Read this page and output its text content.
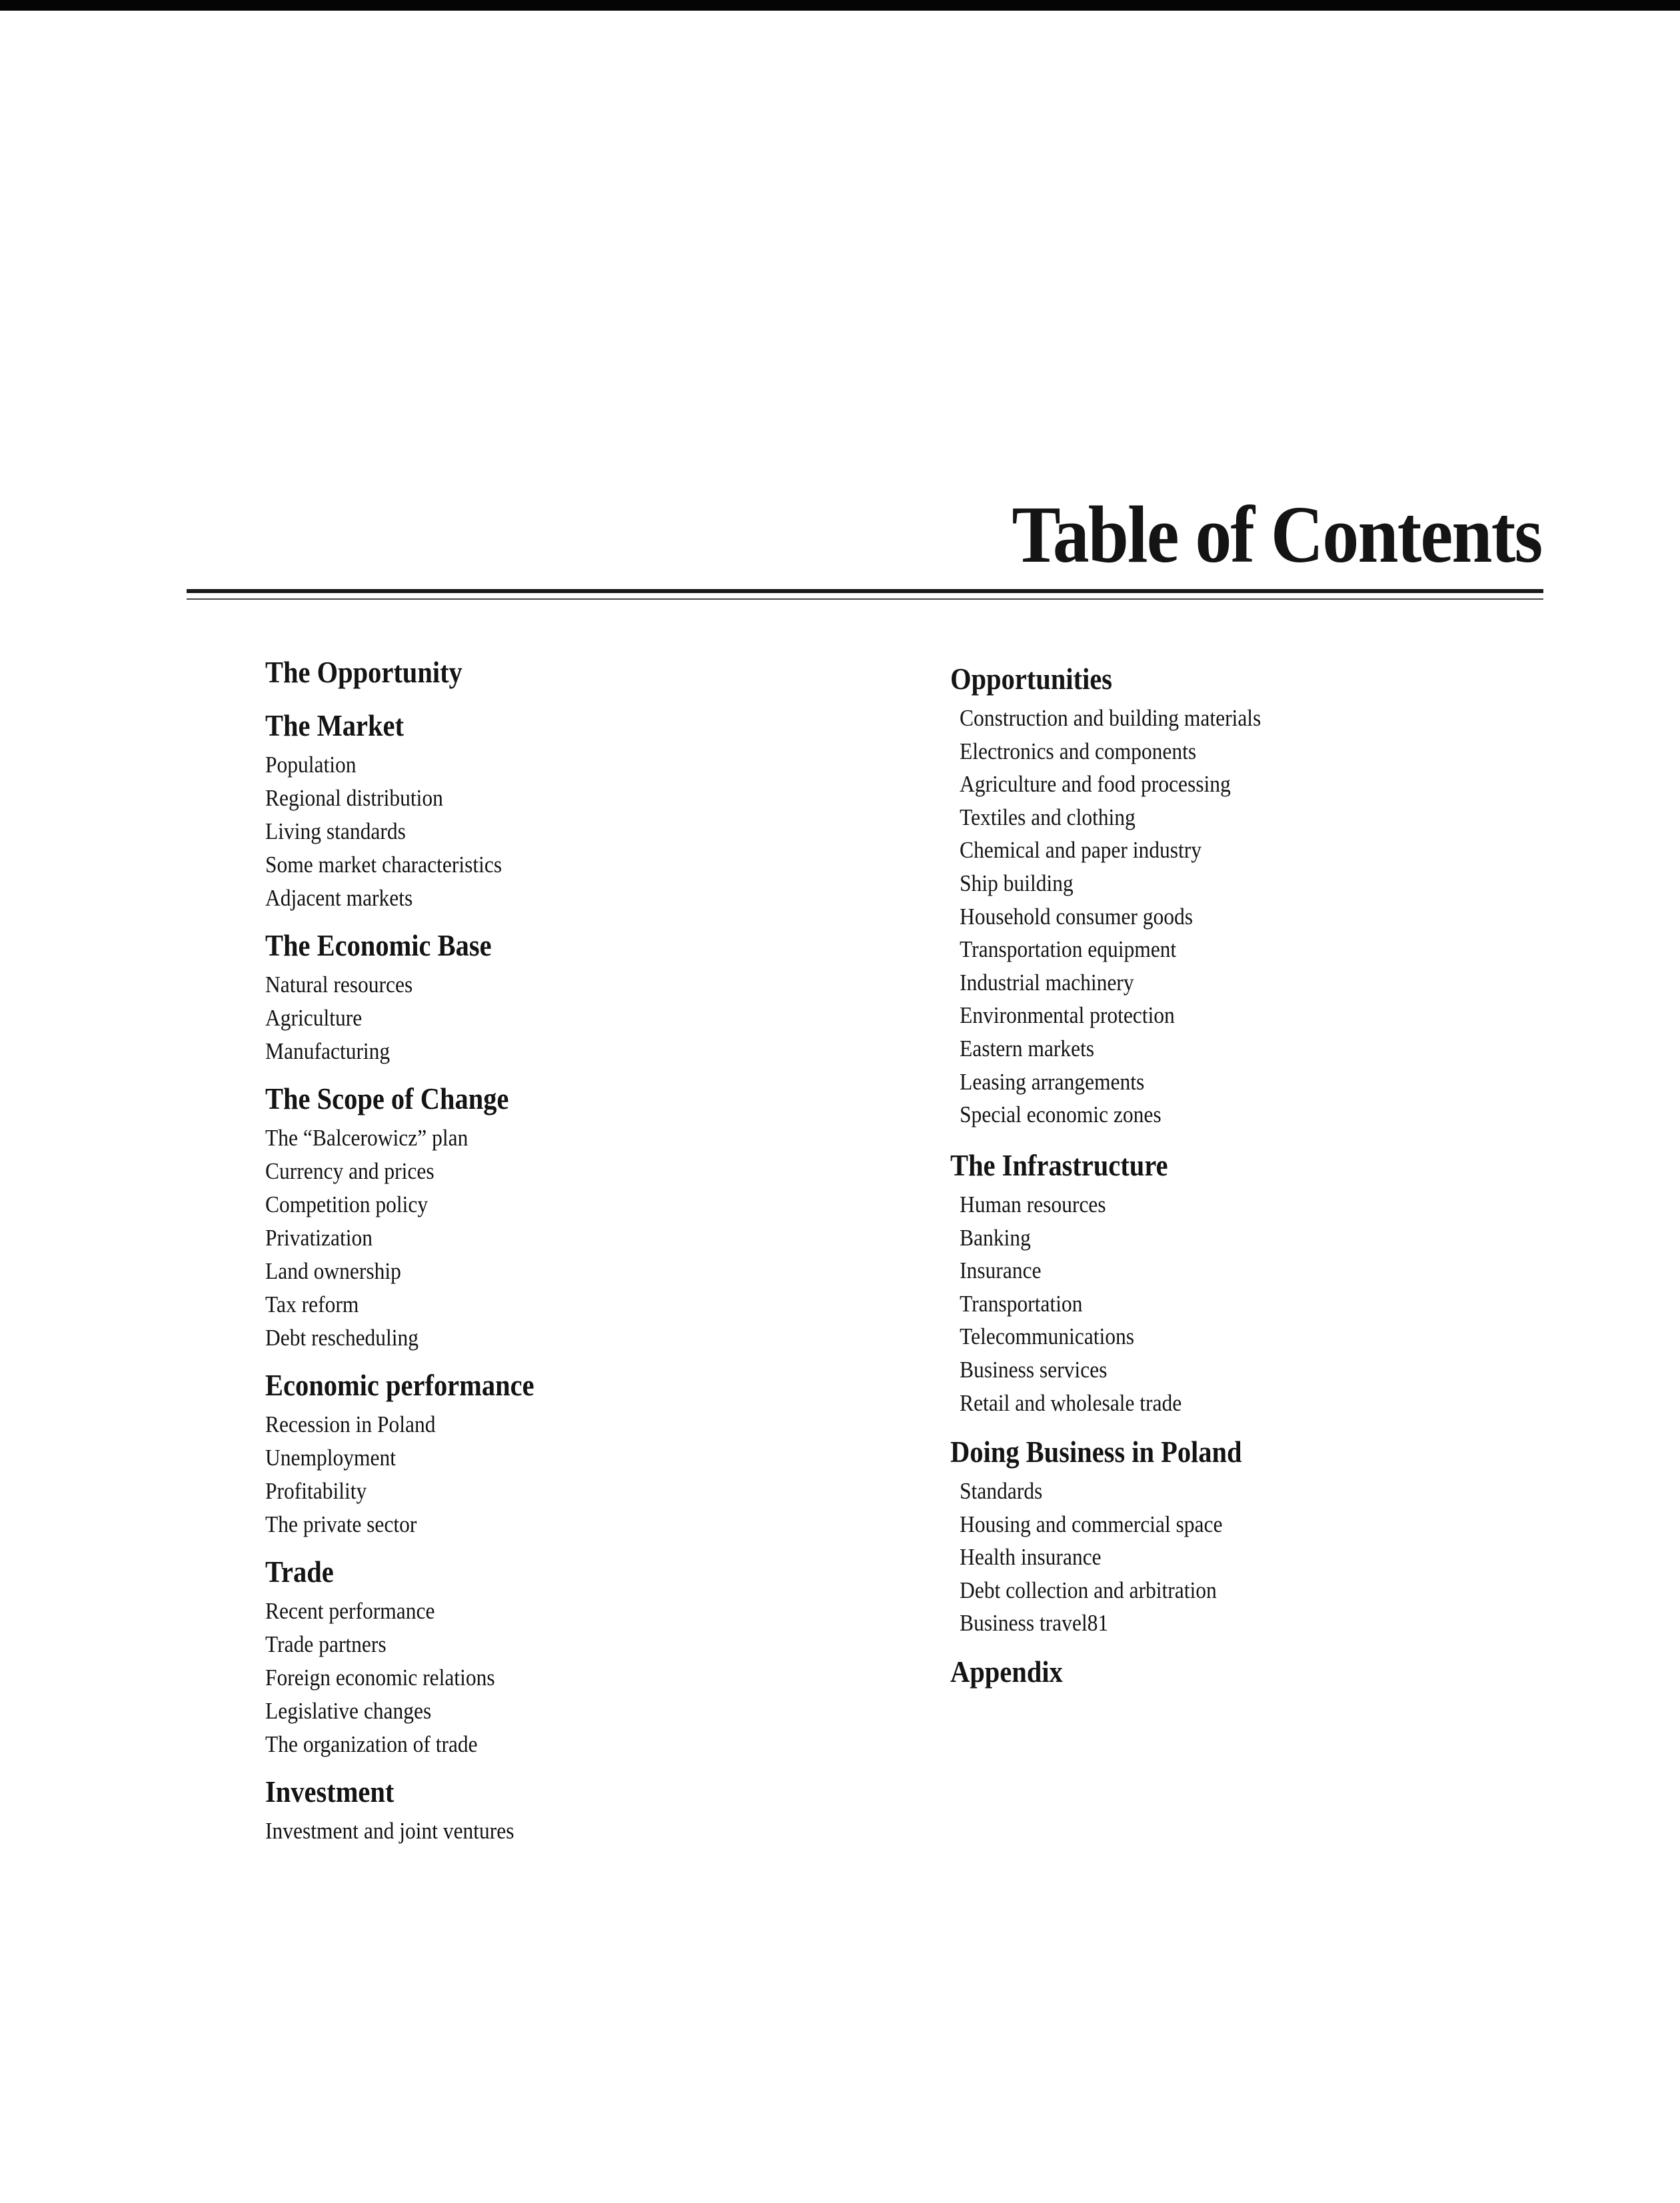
Table of Contents
The Opportunity
The Market
Population
Regional distribution
Living standards
Some market characteristics
Adjacent markets
The Economic Base
Natural resources
Agriculture
Manufacturing
The Scope of Change
The “Balcerowicz” plan
Currency and prices
Competition policy
Privatization
Land ownership
Tax reform
Debt rescheduling
Economic performance
Recession in Poland
Unemployment
Profitability
The private sector
Trade
Recent performance
Trade partners
Foreign economic relations
Legislative changes
The organization of trade
Investment
Investment and joint ventures
Opportunities
Construction and building materials
Electronics and components
Agriculture and food processing
Textiles and clothing
Chemical and paper industry
Ship building
Household consumer goods
Transportation equipment
Industrial machinery
Environmental protection
Eastern markets
Leasing arrangements
Special economic zones
The Infrastructure
Human resources
Banking
Insurance
Transportation
Telecommunications
Business services
Retail and wholesale trade
Doing Business in Poland
Standards
Housing and commercial space
Health insurance
Debt collection and arbitration
Business travel81
Appendix
